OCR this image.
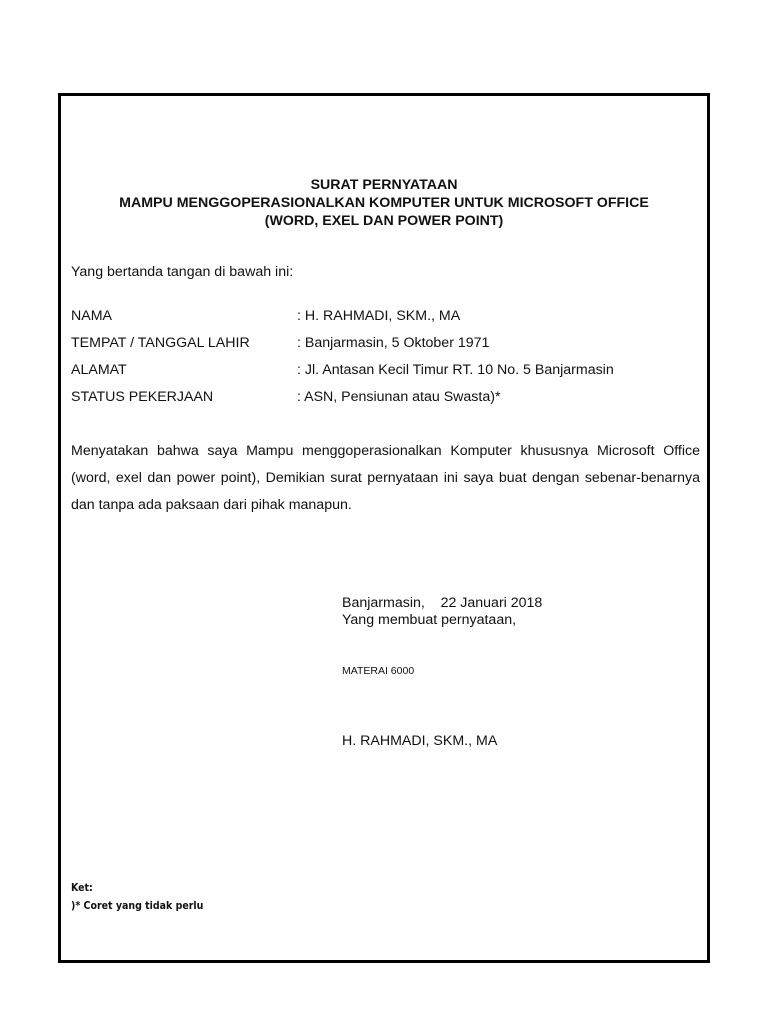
SURAT PERNYATAAN
MAMPU MENGGOPERASIONALKAN KOMPUTER UNTUK MICROSOFT OFFICE
(WORD, EXEL DAN POWER POINT)
Yang bertanda tangan di bawah ini:
NAMA	: H. RAHMADI, SKM., MA
TEMPAT / TANGGAL LAHIR	: Banjarmasin, 5 Oktober 1971
ALAMAT	: Jl. Antasan Kecil Timur RT. 10 No. 5 Banjarmasin
STATUS PEKERJAAN	: ASN, Pensiunan atau Swasta)*
Menyatakan bahwa saya Mampu menggoperasionalkan Komputer khususnya Microsoft Office (word, exel dan power point), Demikian surat pernyataan ini saya buat dengan sebenar-benarnya dan tanpa ada paksaan dari pihak manapun.
Banjarmasin,    22 Januari 2018
Yang membuat pernyataan,
MATERAI 6000
H. RAHMADI, SKM., MA
Ket:
)* Coret yang tidak perlu
